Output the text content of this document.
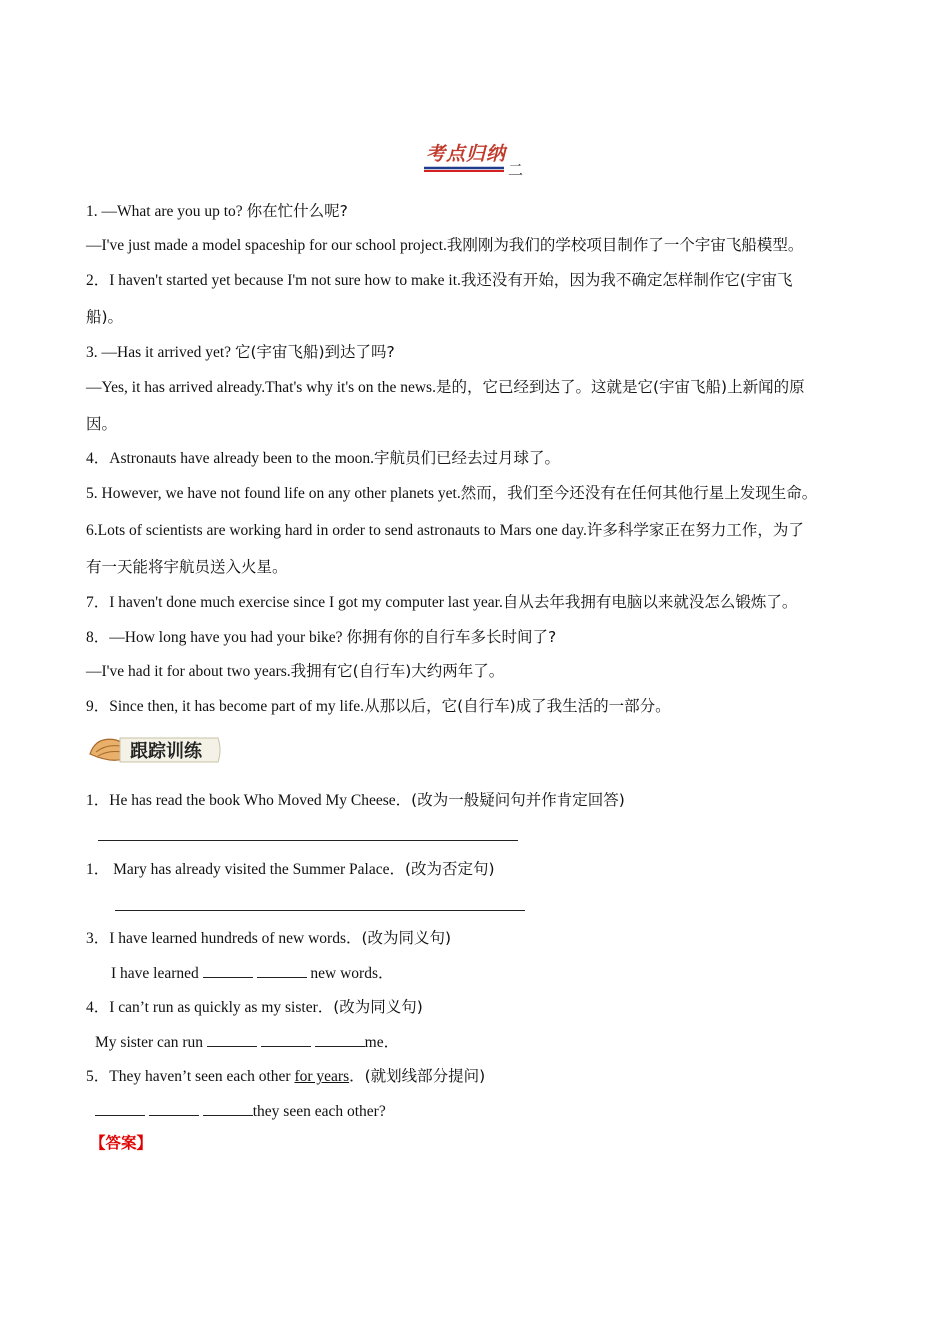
考点归纳
二
1. —What are you up to? 你在忙什么呢?
—I've just made a model spaceship for our school project.我刚刚为我们的学校项目制作了一个宇宙飞船模型。
2．I haven't started yet because I'm not sure how to make it.我还没有开始，因为我不确定怎样制作它(宇宙飞
船)。
3. —Has it arrived yet? 它(宇宙飞船)到达了吗?
—Yes, it has arrived already.That's why it's on the news.是的，它已经到达了。这就是它(宇宙飞船)上新闻的原
因。
4．Astronauts have already been to the moon.宇航员们已经去过月球了。
5. However, we have not found life on any other planets yet.然而，我们至今还没有在任何其他行星上发现生命。
6.Lots of scientists are working hard in order to send astronauts to Mars one day.许多科学家正在努力工作，为了
有一天能将宇航员送入火星。
7．I haven't done much exercise since I got my computer last year.自从去年我拥有电脑以来就没怎么锻炼了。
8．—How long have you had your bike? 你拥有你的自行车多长时间了?
—I've had it for about two years.我拥有它(自行车)大约两年了。
9．Since then, it has become part of my life.从那以后，它(自行车)成了我生活的一部分。
跟踪训练
1．He has read the book Who Moved My Cheese．(改为一般疑问句并作肯定回答)
1． Mary has already visited the Summer Palace．(改为否定句)
3．I have learned hundreds of new words．(改为同义句)
I have learned	new words．
4．I can’t run as quickly as my sister．(改为同义句)
My sister can run	me．
5．They haven’t seen each other for years．(就划线部分提问)
they seen each other?
【答案】
